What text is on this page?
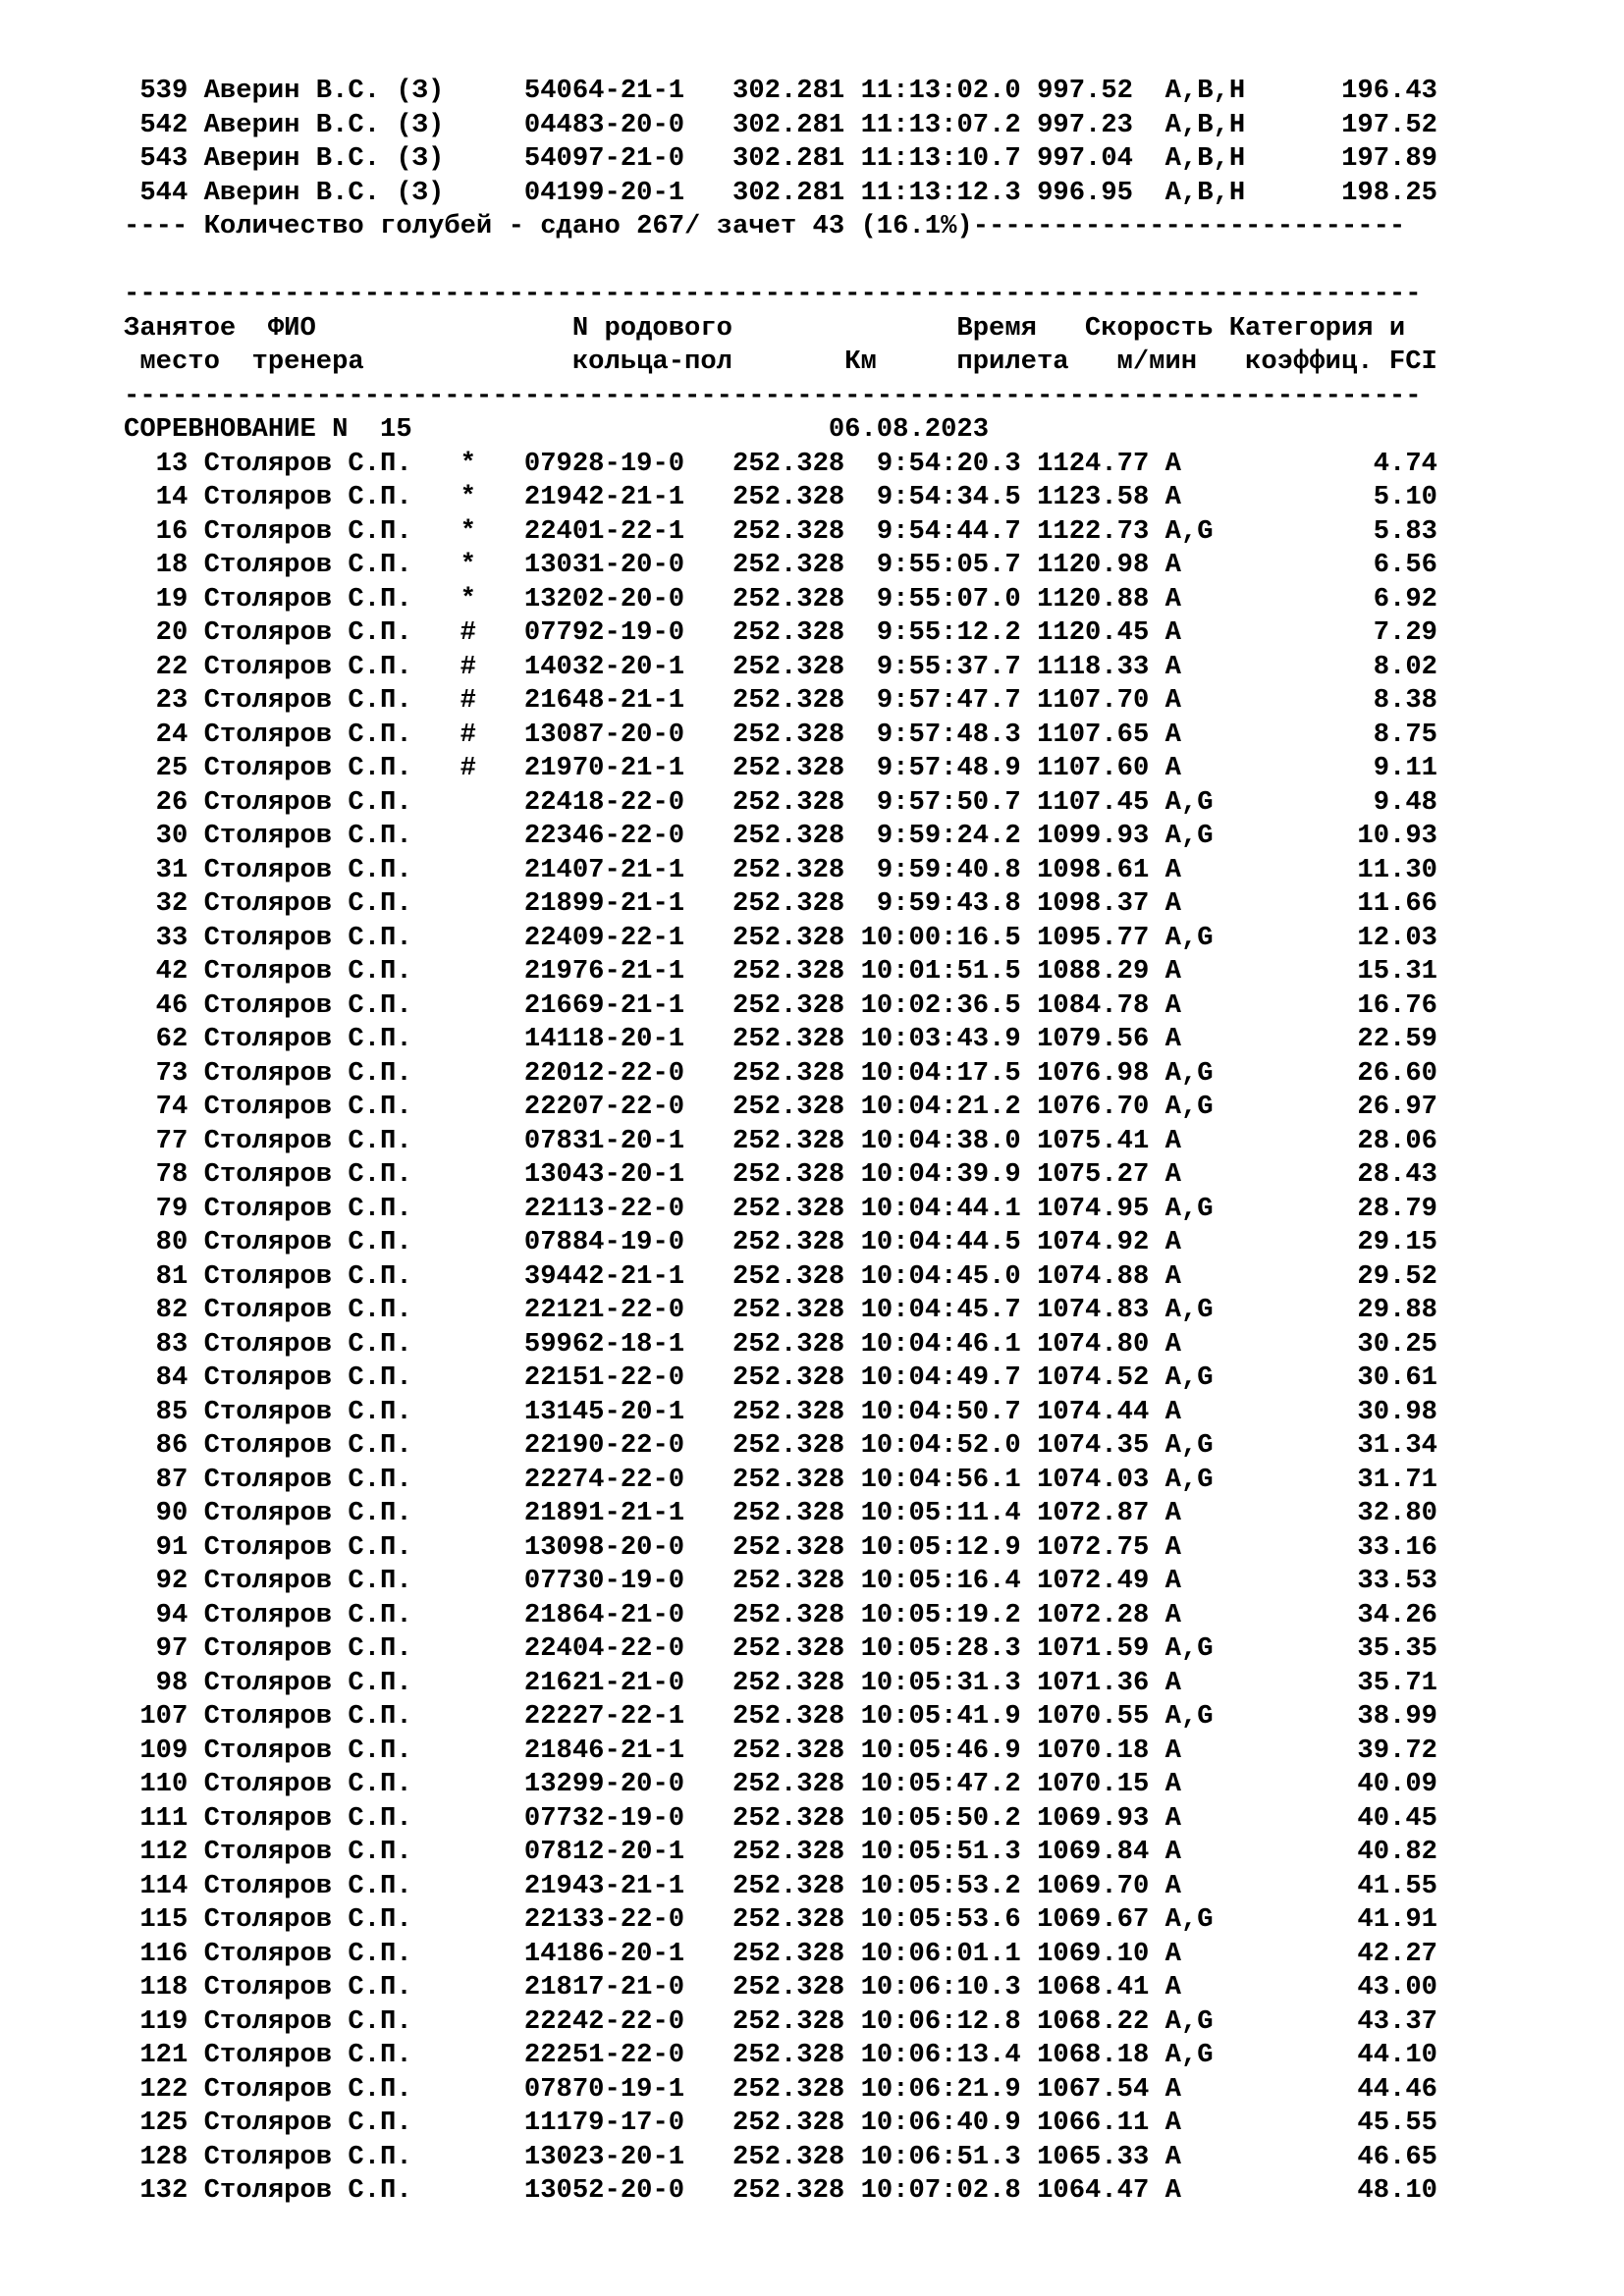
539 Аверин В.С. (З)     54064-21-1 302.281 11:13:02.0 997.52  A,B,H      196.43
542 Аверин В.С. (З)     04483-20-0 302.281 11:13:07.2 997.23  A,B,H      197.52
543 Аверин В.С. (З)     54097-21-0 302.281 11:13:10.7 997.04  A,B,H      197.89
544 Аверин В.С. (З)     04199-20-1 302.281 11:13:12.3 996.95  A,B,H      198.25
---- Количество голубей - сдано 267/ зачет 43 (16.1%)---------------------------
---------------------------------------------------------------------------------
Занятое  ФИО                N родового              Время   Скорость Категория и
место  тренера             кольца-пол       Км     прилета   м/мин   коэффиц. FCI
---------------------------------------------------------------------------------
СОРЕВНОВАНИЕ N  15                          06.08.2023
13 Столяров С.П.   * 07928-19-0 252.328  9:54:20.3 1124.77 A            4.74
14 Столяров С.П.   * 21942-21-1 252.328  9:54:34.5 1123.58 A            5.10
16 Столяров С.П.   * 22401-22-1 252.328  9:54:44.7 1122.73 A,G          5.83
18 Столяров С.П.   * 13031-20-0 252.328  9:55:05.7 1120.98 A            6.56
19 Столяров С.П.   * 13202-20-0 252.328  9:55:07.0 1120.88 A            6.92
20 Столяров С.П.   # 07792-19-0 252.328  9:55:12.2 1120.45 A            7.29
22 Столяров С.П.   # 14032-20-1 252.328  9:55:37.7 1118.33 A            8.02
23 Столяров С.П.   # 21648-21-1 252.328  9:57:47.7 1107.70 A            8.38
24 Столяров С.П.   # 13087-20-0 252.328  9:57:48.3 1107.65 A            8.75
25 Столяров С.П.   # 21970-21-1 252.328  9:57:48.9 1107.60 A            9.11
26 Столяров С.П.       22418-22-0 252.328  9:57:50.7 1107.45 A,G          9.48
30 Столяров С.П.       22346-22-0 252.328  9:59:24.2 1099.93 A,G         10.93
31 Столяров С.П.       21407-21-1 252.328  9:59:40.8 1098.61 A           11.30
32 Столяров С.П.       21899-21-1 252.328  9:59:43.8 1098.37 A           11.66
33 Столяров С.П.       22409-22-1 252.328 10:00:16.5 1095.77 A,G         12.03
42 Столяров С.П.       21976-21-1 252.328 10:01:51.5 1088.29 A           15.31
46 Столяров С.П.       21669-21-1 252.328 10:02:36.5 1084.78 A           16.76
62 Столяров С.П.       14118-20-1 252.328 10:03:43.9 1079.56 A           22.59
73 Столяров С.П.       22012-22-0 252.328 10:04:17.5 1076.98 A,G         26.60
74 Столяров С.П.       22207-22-0 252.328 10:04:21.2 1076.70 A,G         26.97
77 Столяров С.П.       07831-20-1 252.328 10:04:38.0 1075.41 A           28.06
78 Столяров С.П.       13043-20-1 252.328 10:04:39.9 1075.27 A           28.43
79 Столяров С.П.       22113-22-0 252.328 10:04:44.1 1074.95 A,G         28.79
80 Столяров С.П.       07884-19-0 252.328 10:04:44.5 1074.92 A           29.15
81 Столяров С.П.       39442-21-1 252.328 10:04:45.0 1074.88 A           29.52
82 Столяров С.П.       22121-22-0 252.328 10:04:45.7 1074.83 A,G         29.88
83 Столяров С.П.       59962-18-1 252.328 10:04:46.1 1074.80 A           30.25
84 Столяров С.П.       22151-22-0 252.328 10:04:49.7 1074.52 A,G         30.61
85 Столяров С.П.       13145-20-1 252.328 10:04:50.7 1074.44 A           30.98
86 Столяров С.П.       22190-22-0 252.328 10:04:52.0 1074.35 A,G         31.34
87 Столяров С.П.       22274-22-0 252.328 10:04:56.1 1074.03 A,G         31.71
90 Столяров С.П.       21891-21-1 252.328 10:05:11.4 1072.87 A           32.80
91 Столяров С.П.       13098-20-0 252.328 10:05:12.9 1072.75 A           33.16
92 Столяров С.П.       07730-19-0 252.328 10:05:16.4 1072.49 A           33.53
94 Столяров С.П.       21864-21-0 252.328 10:05:19.2 1072.28 A           34.26
97 Столяров С.П.       22404-22-0 252.328 10:05:28.3 1071.59 A,G         35.35
98 Столяров С.П.       21621-21-0 252.328 10:05:31.3 1071.36 A           35.71
107 Столяров С.П.       22227-22-1 252.328 10:05:41.9 1070.55 A,G         38.99
109 Столяров С.П.       21846-21-1 252.328 10:05:46.9 1070.18 A           39.72
110 Столяров С.П.       13299-20-0 252.328 10:05:47.2 1070.15 A           40.09
111 Столяров С.П.       07732-19-0 252.328 10:05:50.2 1069.93 A           40.45
112 Столяров С.П.       07812-20-1 252.328 10:05:51.3 1069.84 A           40.82
114 Столяров С.П.       21943-21-1 252.328 10:05:53.2 1069.70 A           41.55
115 Столяров С.П.       22133-22-0 252.328 10:05:53.6 1069.67 A,G         41.91
116 Столяров С.П.       14186-20-1 252.328 10:06:01.1 1069.10 A           42.27
118 Столяров С.П.       21817-21-0 252.328 10:06:10.3 1068.41 A           43.00
119 Столяров С.П.       22242-22-0 252.328 10:06:12.8 1068.22 A,G         43.37
121 Столяров С.П.       22251-22-0 252.328 10:06:13.4 1068.18 A,G         44.10
122 Столяров С.П.       07870-19-1 252.328 10:06:21.9 1067.54 A           44.46
125 Столяров С.П.       11179-17-0 252.328 10:06:40.9 1066.11 A           45.55
128 Столяров С.П.       13023-20-1 252.328 10:06:51.3 1065.33 A           46.65
132 Столяров С.П.       13052-20-0 252.328 10:07:02.8 1064.47 A           48.10
